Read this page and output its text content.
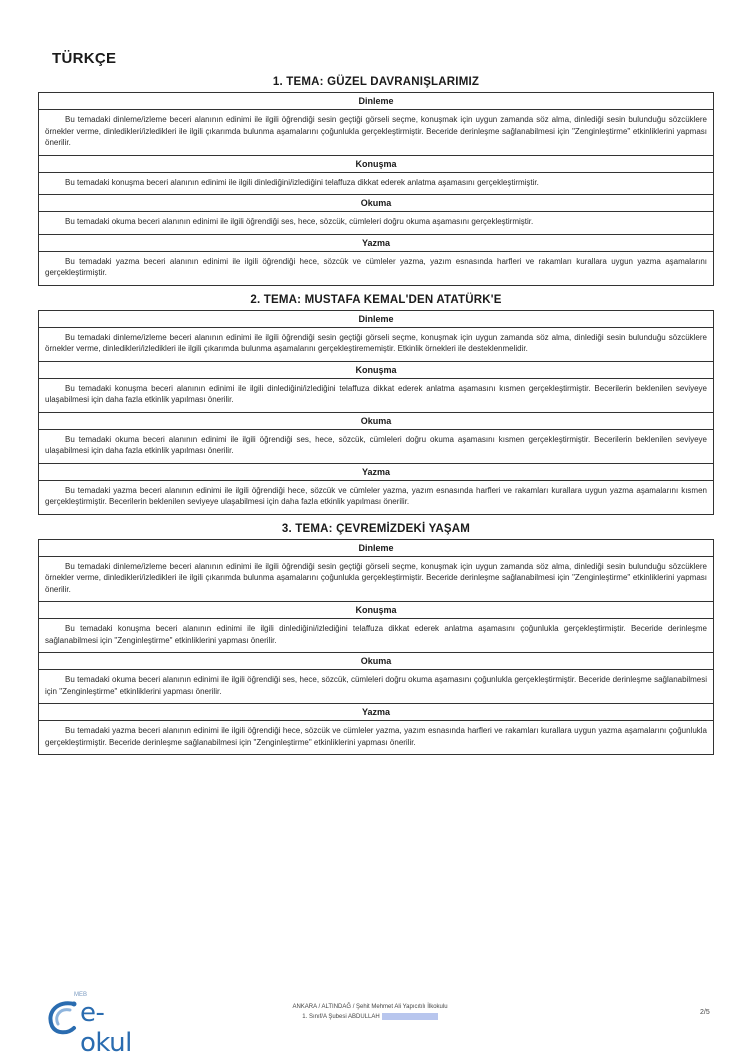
TÜRKÇE
1. TEMA: GÜZEL DAVRANIŞLARIMIZ
Dinleme
Bu temadaki dinleme/izleme beceri alanının edinimi ile ilgili öğrendiği sesin geçtiği görseli seçme, konuşmak için uygun zamanda söz alma, dinlediği sesin bulunduğu sözcüklere örnekler verme, dinledikleri/izledikleri ile ilgili çıkarımda bulunma aşamalarını çoğunlukla gerçekleştirmiştir. Beceride derinleşme sağlanabilmesi için "Zenginleştirme" etkinliklerini yapması önerilir.
Konuşma
Bu temadaki konuşma beceri alanının edinimi ile ilgili dinlediğini/izlediğini telaffuza dikkat ederek anlatma aşamasını gerçekleştirmiştir.
Okuma
Bu temadaki okuma beceri alanının edinimi ile ilgili öğrendiği ses, hece, sözcük, cümleleri doğru okuma aşamasını gerçekleştirmiştir.
Yazma
Bu temadaki yazma beceri alanının edinimi ile ilgili öğrendiği hece, sözcük ve cümleler yazma, yazım esnasında harfleri ve rakamları kurallara uygun yazma aşamalarını gerçekleştirmiştir.
2. TEMA: MUSTAFA KEMAL'DEN ATATÜRK'E
Dinleme
Bu temadaki dinleme/izleme beceri alanının edinimi ile ilgili öğrendiği sesin geçtiği görseli seçme, konuşmak için uygun zamanda söz alma, dinlediği sesin bulunduğu sözcüklere örnekler verme, dinledikleri/izledikleri ile ilgili çıkarımda bulunma aşamalarını gerçekleştirememiştir. Etkinlik örnekleri ile desteklenmelidir.
Konuşma
Bu temadaki konuşma beceri alanının edinimi ile ilgili dinlediğini/izlediğini telaffuza dikkat ederek anlatma aşamasını kısmen gerçekleştirmiştir. Becerilerin beklenilen seviyeye ulaşabilmesi için daha fazla etkinlik yapılması önerilir.
Okuma
Bu temadaki okuma beceri alanının edinimi ile ilgili öğrendiği ses, hece, sözcük, cümleleri doğru okuma aşamasını kısmen gerçekleştirmiştir. Becerilerin beklenilen seviyeye ulaşabilmesi için daha fazla etkinlik yapılması önerilir.
Yazma
Bu temadaki yazma beceri alanının edinimi ile ilgili öğrendiği hece, sözcük ve cümleler yazma, yazım esnasında harfleri ve rakamları kurallara uygun yazma aşamalarını kısmen gerçekleştirmiştir. Becerilerin beklenilen seviyeye ulaşabilmesi için daha fazla etkinlik yapılması önerilir.
3. TEMA: ÇEVREMİZDEKİ YAŞAM
Dinleme
Bu temadaki dinleme/izleme beceri alanının edinimi ile ilgili öğrendiği sesin geçtiği görseli seçme, konuşmak için uygun zamanda söz alma, dinlediği sesin bulunduğu sözcüklere örnekler verme, dinledikleri/izledikleri ile ilgili çıkarımda bulunma aşamalarını çoğunlukla gerçekleştirmiştir. Beceride derinleşme sağlanabilmesi için "Zenginleştirme" etkinliklerini yapması önerilir.
Konuşma
Bu temadaki konuşma beceri alanının edinimi ile ilgili dinlediğini/izlediğini telaffuza dikkat ederek anlatma aşamasını çoğunlukla gerçekleştirmiştir. Beceride derinleşme sağlanabilmesi için "Zenginleştirme" etkinliklerini yapması önerilir.
Okuma
Bu temadaki okuma beceri alanının edinimi ile ilgili öğrendiği ses, hece, sözcük, cümleleri doğru okuma aşamasını çoğunlukla gerçekleştirmiştir. Beceride derinleşme sağlanabilmesi için "Zenginleştirme" etkinliklerini yapması önerilir.
Yazma
Bu temadaki yazma beceri alanının edinimi ile ilgili öğrendiği hece, sözcük ve cümleler yazma, yazım esnasında harfleri ve rakamları kurallara uygun yazma aşamalarını çoğunlukla gerçekleştirmiştir. Beceride derinleşme sağlanabilmesi için "Zenginleştirme" etkinliklerini yapması önerilir.
MEB
e-okul
ANKARA / ALTINDAĞ / Şehit Mehmet Ali Yapıcıtılı İlkokulu
1. Sınıf/A Şubesi ABDULLAH
2/5
